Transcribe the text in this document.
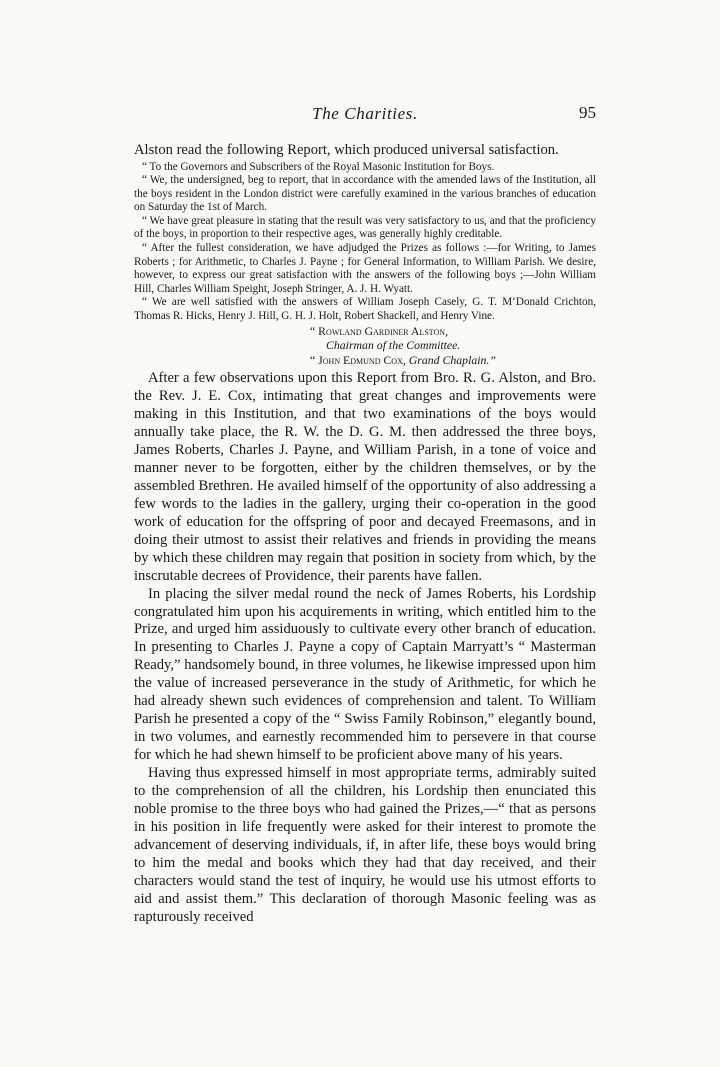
The Charities.	95

Alston read the following Report, which produced universal satisfaction.

“ To the Governors and Subscribers of the Royal Masonic Institution for Boys.

“ We, the undersigned, beg to report, that in accordance with the amended laws of the Institution, all the boys resident in the London district were carefully examined in the various branches of education on Saturday the 1st of March.

“ We have great pleasure in stating that the result was very satisfactory to us, and that the proficiency of the boys, in proportion to their respective ages, was generally highly creditable.

“ After the fullest consideration, we have adjudged the Prizes as follows :—for Writing, to James Roberts ; for Arithmetic, to Charles J. Payne ; for General Information, to William Parish. We desire, however, to express our great satisfaction with the answers of the following boys ;—John William Hill, Charles William Speight, Joseph Stringer, A. J. H. Wyatt.

“ We are well satisfied with the answers of William Joseph Casely, G. T. M‘Donald Crichton, Thomas R. Hicks, Henry J. Hill, G. H. J. Holt, Robert Shackell, and Henry Vine.

“ Rowland Gardiner Alston,
Chairman of the Committee.
“ John Edmund Cox, Grand Chaplain.”

After a few observations upon this Report from Bro. R. G. Alston, and Bro. the Rev. J. E. Cox, intimating that great changes and improvements were making in this Institution, and that two examinations of the boys would annually take place, the R. W. the D. G. M. then addressed the three boys, James Roberts, Charles J. Payne, and William Parish, in a tone of voice and manner never to be forgotten, either by the children themselves, or by the assembled Brethren. He availed himself of the opportunity of also addressing a few words to the ladies in the gallery, urging their co-operation in the good work of education for the offspring of poor and decayed Freemasons, and in doing their utmost to assist their relatives and friends in providing the means by which these children may regain that position in society from which, by the inscrutable decrees of Providence, their parents have fallen.

In placing the silver medal round the neck of James Roberts, his Lordship congratulated him upon his acquirements in writing, which entitled him to the Prize, and urged him assiduously to cultivate every other branch of education. In presenting to Charles J. Payne a copy of Captain Marryatt’s “ Masterman Ready,” handsomely bound, in three volumes, he likewise impressed upon him the value of increased perseverance in the study of Arithmetic, for which he had already shewn such evidences of comprehension and talent. To William Parish he presented a copy of the “ Swiss Family Robinson,” elegantly bound, in two volumes, and earnestly recommended him to persevere in that course for which he had shewn himself to be proficient above many of his years.

Having thus expressed himself in most appropriate terms, admirably suited to the comprehension of all the children, his Lordship then enunciated this noble promise to the three boys who had gained the Prizes,—“ that as persons in his position in life frequently were asked for their interest to promote the advancement of deserving individuals, if, in after life, these boys would bring to him the medal and books which they had that day received, and their characters would stand the test of inquiry, he would use his utmost efforts to aid and assist them.” This declaration of thorough Masonic feeling was as rapturously received
